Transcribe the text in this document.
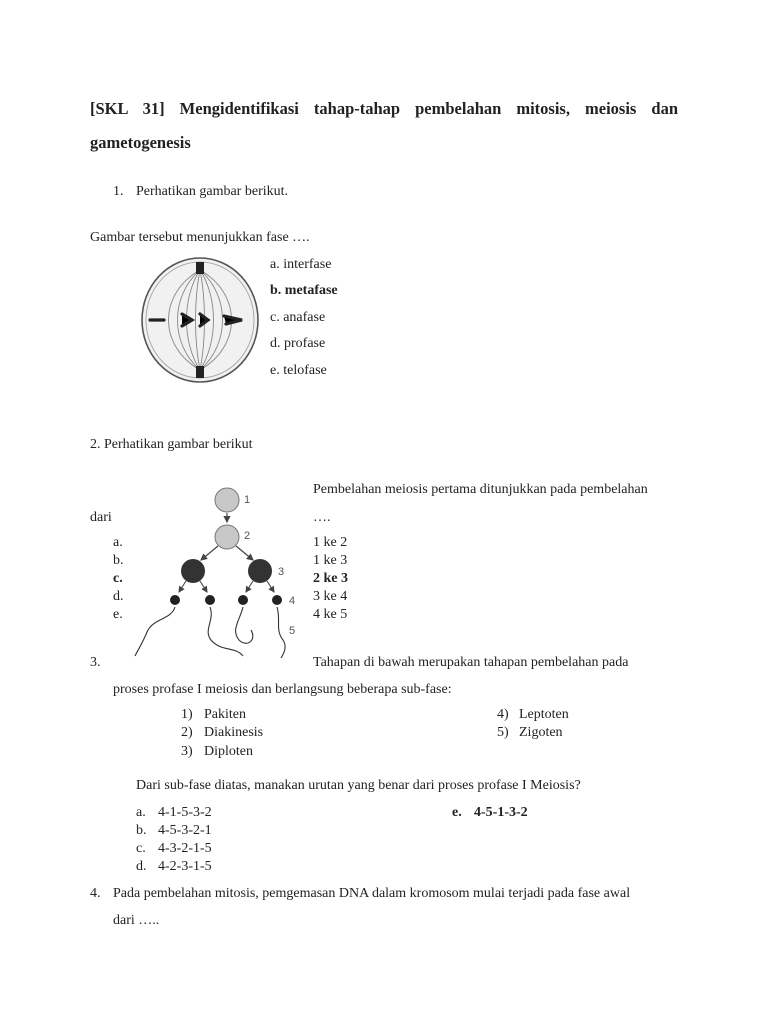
[SKL 31] Mengidentifikasi tahap-tahap pembelahan mitosis, meiosis dan gametogenesis
1. Perhatikan gambar berikut.
Gambar tersebut menunjukkan fase ….
a. interfase
b. metafase
c. anafase
d. profase
e. telofase
2. Perhatikan gambar berikut
1
2
3
4
5
Pembelahan meiosis pertama ditunjukkan pada pembelahan
dari	….
a.
b.
c.
d.
e.
1 ke 2
1 ke 3
2 ke 3
3 ke 4
4 ke 5
3.	Tahapan di bawah merupakan tahapan pembelahan pada
proses profase I meiosis dan berlangsung beberapa sub-fase:
1) Pakiten
2) Diakinesis
3) Diploten
4) Leptoten
5) Zigoten
Dari sub-fase diatas, manakan urutan yang benar dari proses profase I Meiosis?
a. 4-1-5-3-2
b. 4-5-3-2-1
c. 4-3-2-1-5
d. 4-2-3-1-5
e. 4-5-1-3-2
4. Pada pembelahan mitosis, pemgemasan DNA dalam kromosom mulai terjadi pada fase awal
dari …..
